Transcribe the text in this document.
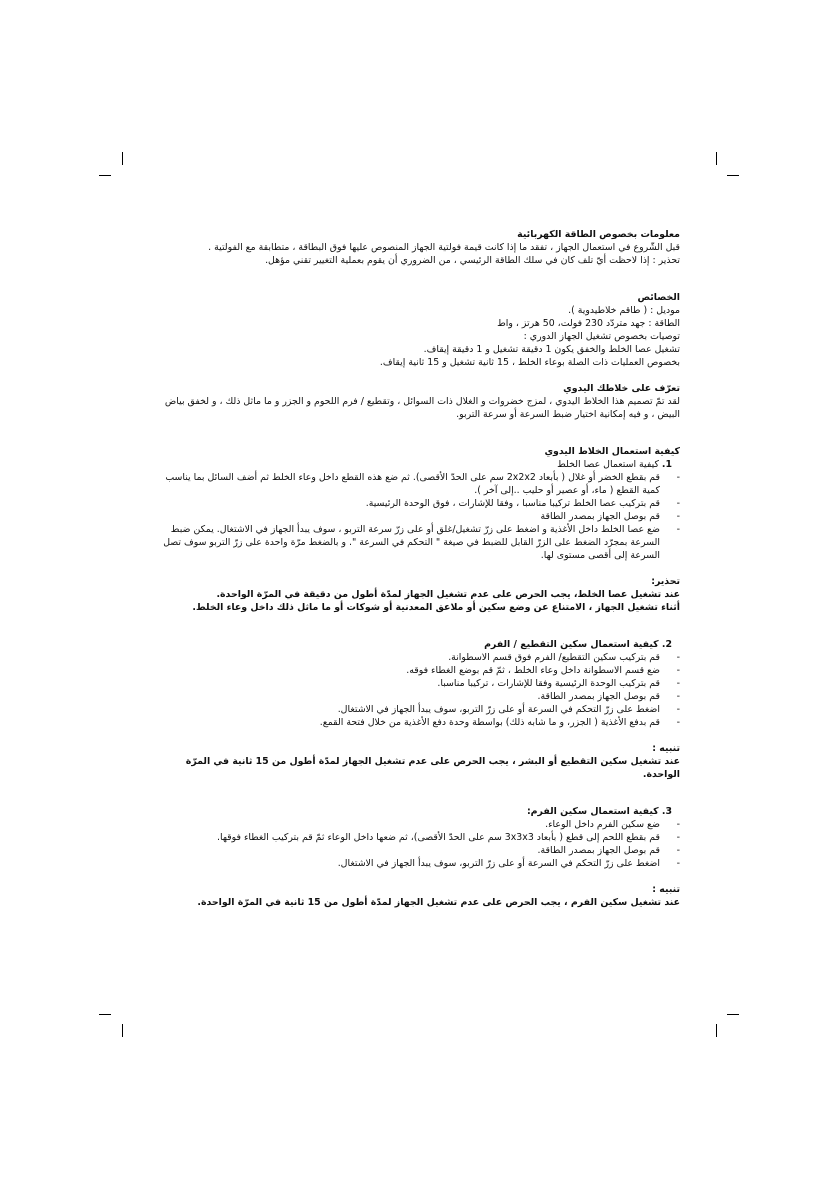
معلومات بخصوص الطاقة الكهربائية

قبل الشّروع في استعمال الجهاز ، تفقد ما إذا كانت قيمة فولتية الجهاز المنصوص عليها فوق البطاقة ، متطابقة مع الفولتية .

تحذير : إذا لاحظت أيّ تلف كان في سلك الطاقة الرئيسي ، من الضروري أن يقوم بعملية التغيير تقني مؤهل.

الخصائص

موديل : ( طاقم خلاطيدوية ).

الطاقة : جهد متردّد 230 فولت، 50 هرتز ، واط

توصيات بخصوص تشغيل الجهاز الدوري :

تشغيل عصا الخلط والخفق يكون 1 دقيقة تشغيل و 1 دقيقة إيقاف.

بخصوص العمليات ذات الصلة بوعاء الخلط ، 15 ثانية تشغيل و 15 ثانية إيقاف.

تعرّف على خلاطك اليدوي

لقد تمّ تصميم هذا الخلاط اليدوي ، لمزج خضروات و الغلال ذات السوائل ، وتقطيع / فرم اللحوم و الجزر و ما ماثل ذلك ، و لخفق بياض

البيض ، و فيه إمكانية اختيار ضبط السرعة أو سرعة التربو.

كيفية استعمال الخلاط اليدوي

1. كيفية استعمال عصا الخلط

- قم بقطع الخضر أو غلال ( بأبعاد 2x2x2 سم على الحدّ الأقصى). ثم ضع هذه القطع داخل وعاء الخلط ثم أضف السائل بما يناسب كمية القطع ( ماء، أو عصير أو حليب ..إلى آخر ).

- قم بتركيب عصا الخلط تركيبا مناسبا ، وفقا للإشارات ، فوق الوحدة الرئيسية.

- قم بوصل الجهاز بمصدر الطاقة

- ضع عصا الخلط داخل الأغذية و اضغط على زرّ تشغيل/غلق أو على زرّ سرعة التربو ، سوف يبدأ الجهاز في الاشتغال. يمكن ضبط السرعة بمجرّد الضغط على الزرّ القابل للضبط في صيغة " التحكم في السرعة ". و بالضغط مرّة واحدة على زرّ التربو سوف تصل السرعة إلى أقصى مستوى لها.

تحذير:

عند تشغيل عصا الخلط، يجب الحرص على عدم تشغيل الجهاز لمدّة أطول من دقيقة في المرّة الواحدة.

أثناء تشغيل الجهاز ، الامتناع عن وضع سكين أو ملاعق المعدنية أو شوكات أو ما ماثل ذلك داخل وعاء الخلط.

2. كيفية استعمال سكين التقطيع / الفرم

- قم بتركيب سكين التقطيع/ الفرم فوق قسم الاسطوانة.

- ضع قسم الاسطوانة داخل وعاء الخلط ، ثمّ قم بوضع الغطاء فوقه.

- قم بتركيب الوحدة الرئيسية وفقا للإشارات ، تركيبا مناسبا.

- قم بوصل الجهاز بمصدر الطاقة.

- اضغط على زرّ التحكم في السرعة أو على زرّ التربو، سوف يبدأ الجهاز في الاشتغال.

- قم بدفع الأغذية ( الجزر، و ما شابه ذلك) بواسطة وحدة دفع الأغذية من خلال فتحة القمع.

تنبيه :

عند تشغيل سكين التقطيع أو البشر ، يجب الحرص على عدم تشغيل الجهاز لمدّة أطول من 15 ثانية في المرّة الواحدة.

3. كيفية استعمال سكين الفرم:

- ضع سكين الفرم داخل الوعاء.

- قم بقطع اللحم إلى قطع ( بأبعاد 3x3x3 سم على الحدّ الأقصى)، ثم ضعها داخل الوعاء ثمّ قم بتركيب الغطاء فوقها.

- قم بوصل الجهاز بمصدر الطاقة.

- اضغط على زرّ التحكم في السرعة أو على زرّ التربو، سوف يبدأ الجهاز في الاشتغال.

تنبيه :

عند تشغيل سكين الفرم ، يجب الحرص على عدم تشغيل الجهاز لمدّة أطول من 15 ثانية في المرّة الواحدة.
